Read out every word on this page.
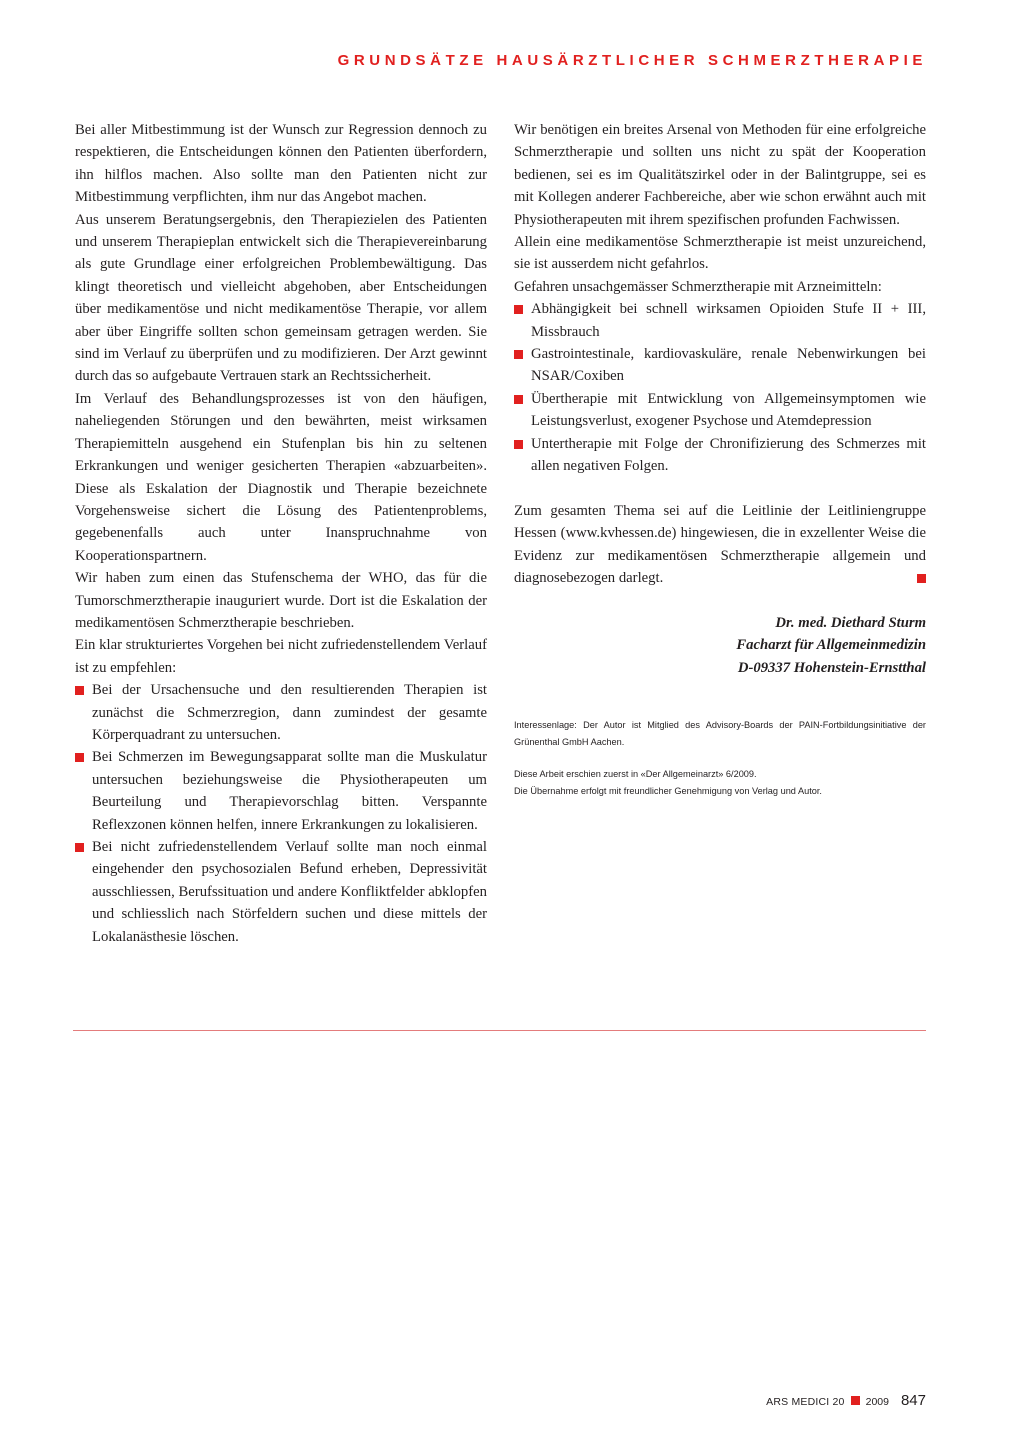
GRUNDSÄTZE HAUSÄRZTLICHER SCHMERZTHERAPIE

Bei aller Mitbestimmung ist der Wunsch zur Regression dennoch zu respektieren, die Entscheidungen können den Patienten überfordern, ihn hilflos machen. Also sollte man den Patienten nicht zur Mitbestimmung verpflichten, ihm nur das Angebot machen.

Aus unserem Beratungsergebnis, den Therapiezielen des Patienten und unserem Therapieplan entwickelt sich die Therapievereinbarung als gute Grundlage einer erfolgreichen Problembewältigung. Das klingt theoretisch und vielleicht abgehoben, aber Entscheidungen über medikamentöse und nicht medikamentöse Therapie, vor allem aber über Eingriffe sollten schon gemeinsam getragen werden. Sie sind im Verlauf zu überprüfen und zu modifizieren. Der Arzt gewinnt durch das so aufgebaute Vertrauen stark an Rechtssicherheit.

Im Verlauf des Behandlungsprozesses ist von den häufigen, naheliegenden Störungen und den bewährten, meist wirksamen Therapiemitteln ausgehend ein Stufenplan bis hin zu seltenen Erkrankungen und weniger gesicherten Therapien «abzuarbeiten». Diese als Eskalation der Diagnostik und Therapie bezeichnete Vorgehensweise sichert die Lösung des Patientenproblems, gegebenenfalls auch unter Inanspruchnahme von Kooperationspartnern.

Wir haben zum einen das Stufenschema der WHO, das für die Tumorschmerztherapie inauguriert wurde. Dort ist die Eskalation der medikamentösen Schmerztherapie beschrieben.

Ein klar strukturiertes Vorgehen bei nicht zufriedenstellendem Verlauf ist zu empfehlen:

Bei der Ursachensuche und den resultierenden Therapien ist zunächst die Schmerzregion, dann zumindest der gesamte Körperquadrant zu untersuchen.
Bei Schmerzen im Bewegungsapparat sollte man die Muskulatur untersuchen beziehungsweise die Physiotherapeuten um Beurteilung und Therapievorschlag bitten. Verspannte Reflexzonen können helfen, innere Erkrankungen zu lokalisieren.
Bei nicht zufriedenstellendem Verlauf sollte man noch einmal eingehender den psychosozialen Befund erheben, Depressivität ausschliessen, Berufssituation und andere Konfliktfelder abklopfen und schliesslich nach Störfeldern suchen und diese mittels der Lokalanästhesie löschen.

Wir benötigen ein breites Arsenal von Methoden für eine erfolgreiche Schmerztherapie und sollten uns nicht zu spät der Kooperation bedienen, sei es im Qualitätszirkel oder in der Balintgruppe, sei es mit Kollegen anderer Fachbereiche, aber wie schon erwähnt auch mit Physiotherapeuten mit ihrem spezifischen profunden Fachwissen.

Allein eine medikamentöse Schmerztherapie ist meist unzureichend, sie ist ausserdem nicht gefahrlos.

Gefahren unsachgemässer Schmerztherapie mit Arzneimitteln:

Abhängigkeit bei schnell wirksamen Opioiden Stufe II + III, Missbrauch
Gastrointestinale, kardiovaskuläre, renale Nebenwirkungen bei NSAR/Coxiben
Übertherapie mit Entwicklung von Allgemeinsymptomen wie Leistungsverlust, exogener Psychose und Atemdepression
Untertherapie mit Folge der Chronifizierung des Schmerzes mit allen negativen Folgen.

Zum gesamten Thema sei auf die Leitlinie der Leitliniengruppe Hessen (www.kvhessen.de) hingewiesen, die in exzellenter Weise die Evidenz zur medikamentösen Schmerztherapie allgemein und diagnosebezogen darlegt.

Dr. med. Diethard Sturm
Facharzt für Allgemeinmedizin
D-09337 Hohenstein-Ernstthal

Interessenlage: Der Autor ist Mitglied des Advisory-Boards der PAIN-Fortbildungsinitiative der Grünenthal GmbH Aachen.

Diese Arbeit erschien zuerst in «Der Allgemeinarzt» 6/2009.

Die Übernahme erfolgt mit freundlicher Genehmigung von Verlag und Autor.

ARS MEDICI 20 2009 847
